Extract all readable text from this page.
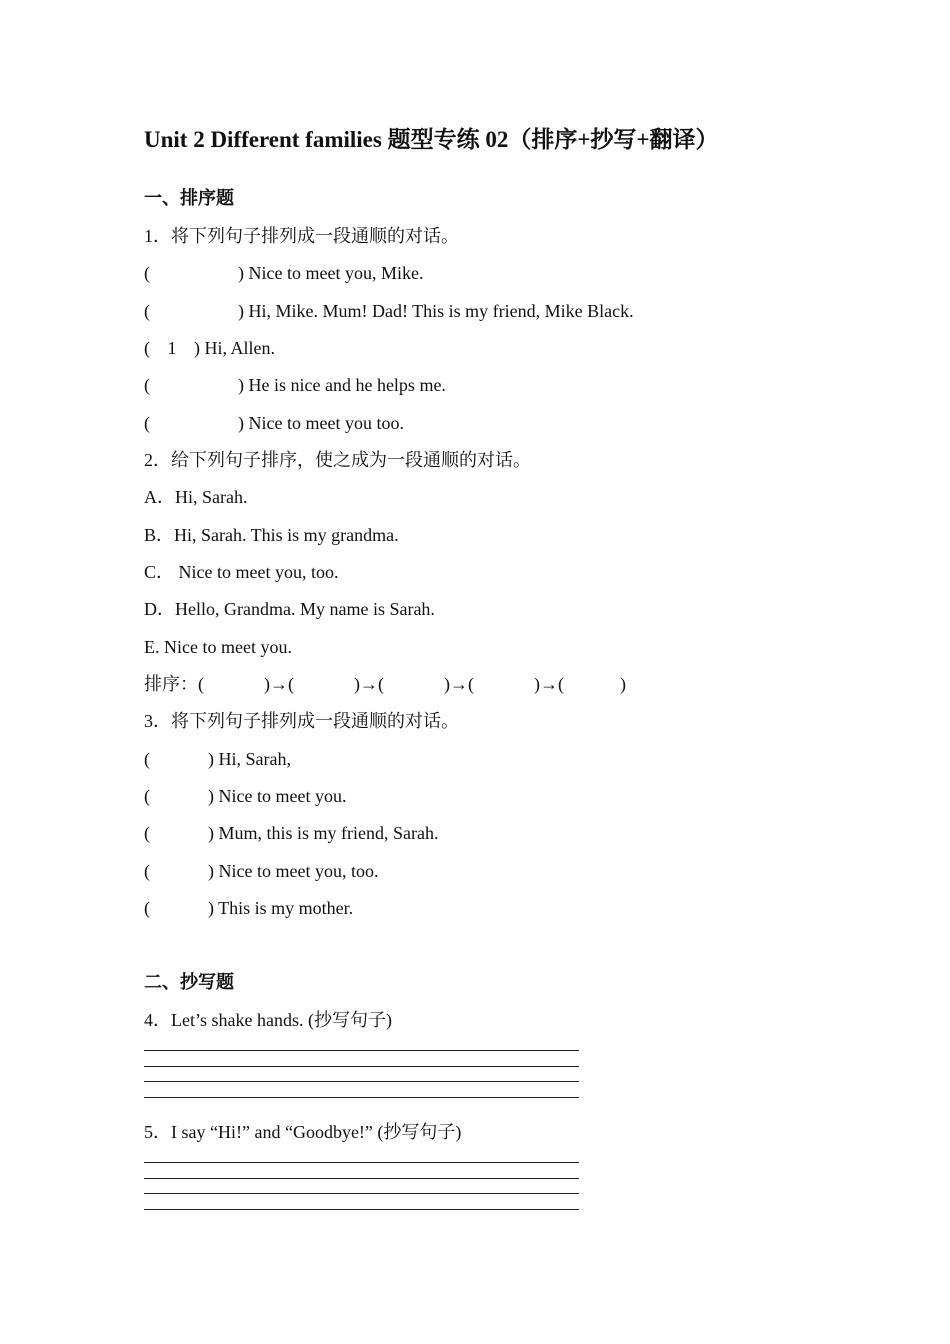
Unit 2 Different families 题型专练 02（排序+抄写+翻译）
一、排序题
1．将下列句子排列成一段通顺的对话。
(	) Nice to meet you, Mike.
(	) Hi, Mike. Mum! Dad! This is my friend, Mike Black.
( 1 ) Hi, Allen.
(	) He is nice and he helps me.
(	) Nice to meet you too.
2．给下列句子排序，使之成为一段通顺的对话。
A．Hi, Sarah.
B．Hi, Sarah. This is my grandma.
C． Nice to meet you, too.
D．Hello, Grandma. My name is Sarah.
E. Nice to meet you.
排序：(	)→(	)→(	)→(	)→(	)
3．将下列句子排列成一段通顺的对话。
(	) Hi, Sarah,
(	) Nice to meet you.
(	) Mum, this is my friend, Sarah.
(	) Nice to meet you, too.
(	) This is my mother.
二、抄写题
4．Let’s shake hands. (抄写句子)
5．I say “Hi!” and “Goodbye!” (抄写句子)
